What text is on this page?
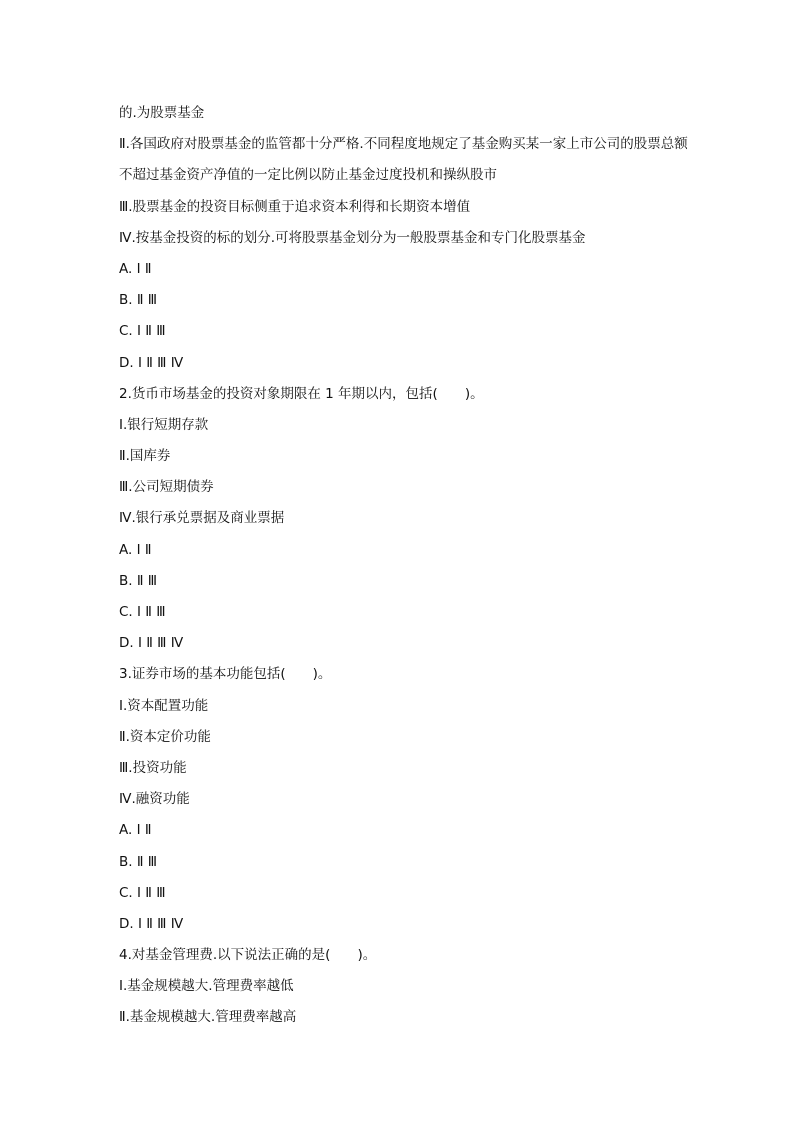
的.为股票基金
Ⅱ.各国政府对股票基金的监管都十分严格.不同程度地规定了基金购买某一家上市公司的股票总额不超过基金资产净值的一定比例以防止基金过度投机和操纵股市
Ⅲ.股票基金的投资目标侧重于追求资本利得和长期资本增值
Ⅳ.按基金投资的标的划分.可将股票基金划分为一般股票基金和专门化股票基金
A. Ⅰ Ⅱ
B. Ⅱ Ⅲ
C. Ⅰ Ⅱ Ⅲ
D. Ⅰ Ⅱ Ⅲ Ⅳ
2.货币市场基金的投资对象期限在 1 年期以内，包括(　　)。
Ⅰ.银行短期存款
Ⅱ.国库券
Ⅲ.公司短期债券
Ⅳ.银行承兑票据及商业票据
A. Ⅰ Ⅱ
B. Ⅱ Ⅲ
C. Ⅰ Ⅱ Ⅲ
D. Ⅰ Ⅱ Ⅲ Ⅳ
3.证券市场的基本功能包括(　　)。
Ⅰ.资本配置功能
Ⅱ.资本定价功能
Ⅲ.投资功能
Ⅳ.融资功能
A. Ⅰ Ⅱ
B. Ⅱ Ⅲ
C. Ⅰ Ⅱ Ⅲ
D. Ⅰ Ⅱ Ⅲ Ⅳ
4.对基金管理费.以下说法正确的是(　　)。
Ⅰ.基金规模越大.管理费率越低
Ⅱ.基金规模越大.管理费率越高
